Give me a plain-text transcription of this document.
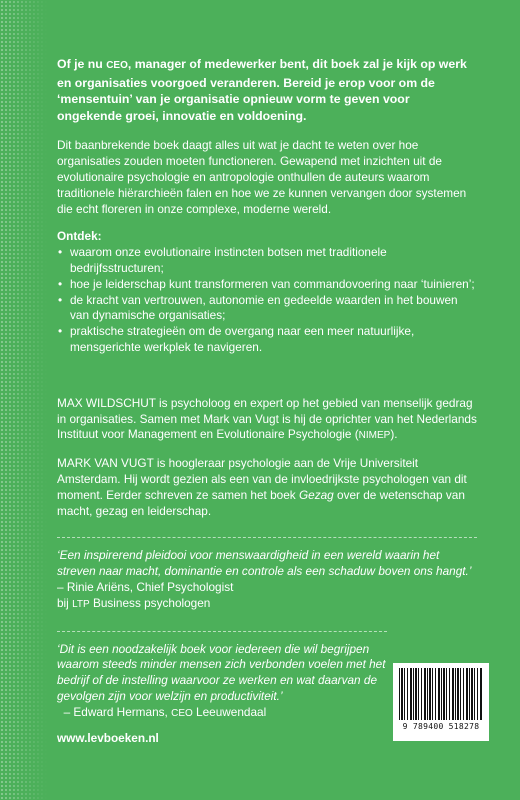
Of je nu CEO, manager of medewerker bent, dit boek zal je kijk op werk en organisaties voorgoed veranderen. Bereid je erop voor om de ‘mensentuin’ van je organisatie opnieuw vorm te geven voor ongekende groei, innovatie en voldoening.

Dit baanbrekende boek daagt alles uit wat je dacht te weten over hoe organisaties zouden moeten functioneren. Gewapend met inzichten uit de evolutionaire psychologie en antropologie onthullen de auteurs waarom traditionele hiërarchieën falen en hoe we ze kunnen vervangen door systemen die echt floreren in onze complexe, moderne wereld.

Ontdek:
• waarom onze evolutionaire instincten botsen met traditionele bedrijfsstructuren;
• hoe je leiderschap kunt transformeren van commandovoering naar ‘tuinieren’;
• de kracht van vertrouwen, autonomie en gedeelde waarden in het bouwen van dynamische organisaties;
• praktische strategieën om de overgang naar een meer natuurlijke, mensgerichte werkplek te navigeren.

MAX WILDSCHUT is psycholoog en expert op het gebied van menselijk gedrag in organisaties. Samen met Mark van Vugt is hij de oprichter van het Nederlands Instituut voor Management en Evolutionaire Psychologie (NIMEP).

MARK VAN VUGT is hoogleraar psychologie aan de Vrije Universiteit Amsterdam. Hij wordt gezien als een van de invloedrijkste psychologen van dit moment. Eerder schreven ze samen het boek Gezag over de wetenschap van macht, gezag en leiderschap.

‘Een inspirerend pleidooi voor menswaardigheid in een wereld waarin het streven naar macht, dominantie en controle als een schaduw boven ons hangt.’ – Rinie Ariëns, Chief Psychologist
bij LTP Business psychologen

‘Dit is een noodzakelijk boek voor iedereen die wil begrijpen waarom steeds minder mensen zich verbonden voelen met het bedrijf of de instelling waarvoor ze werken en wat daarvan de gevolgen zijn voor welzijn en productiviteit.’
– Edward Hermans, CEO Leeuwendaal

9 789400 518278
www.levboeken.nl
